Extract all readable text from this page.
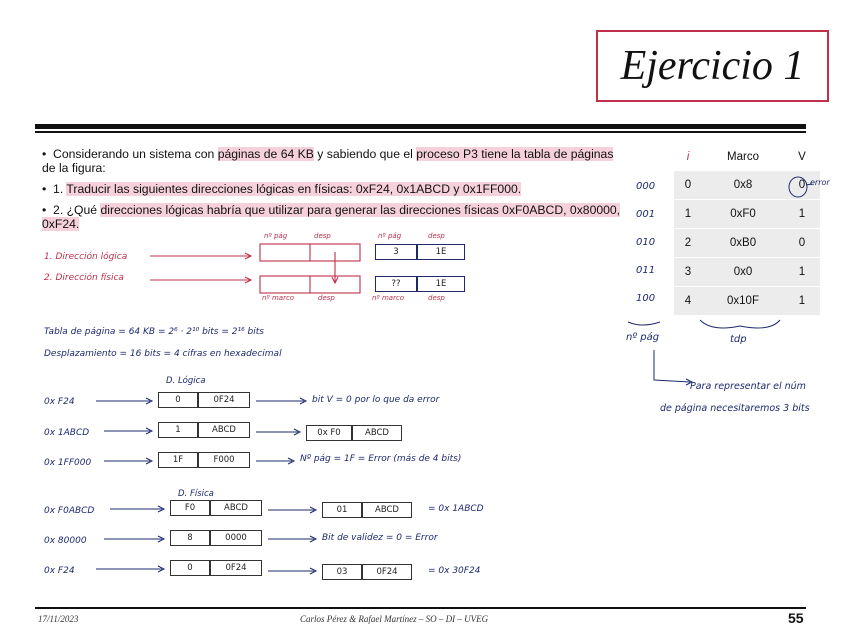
Ejercicio 1
•  Considerando un sistema con páginas de 64 KB y sabiendo que el proceso P3 tiene la tabla de páginas
de la figura:
•  1. Traducir las siguientes direcciones lógicas en físicas: 0xF24, 0x1ABCD y 0x1FF000.
•  2. ¿Qué direcciones lógicas habría que utilizar para generar las direcciones físicas 0xF0ABCD, 0x80000, 0xF24.
i	Marco	V
0	0x8	0
1	0xF0	1
2	0xB0	0
3	0x0	1
4	0x10F	1
000
001
010
011
100
error
nº pág	tdp
Para representar el núm de página necesitaremos 3 bits
1. Dirección lógica
2. Dirección física
nº pág	desp
nº marco	desp
nº pág	desp
nº marco	desp
3	1E
??	1E
Tabla de página = 64 KB = 2⁶ · 2¹⁰ bits = 2¹⁶ bits
Desplazamiento = 16 bits = 4 cifras en hexadecimal
D. Lógica
0x F24	0	0F24	bit V = 0 por lo que da error
0x 1ABCD	1	ABCD	0x F0	ABCD
0x 1FF000	1F	F000	Nº pág = 1F = Error (más de 4 bits)
D. Física
0x F0ABCD	F0	ABCD	01	ABCD	= 0x 1ABCD
0x 80000	8	0000	Bit de validez = 0 = Error
0x F24	0	0F24	03	0F24	= 0x 30F24
17/11/2023	Carlos Pérez & Rafael Martínez – SO – DI – UVEG	55
